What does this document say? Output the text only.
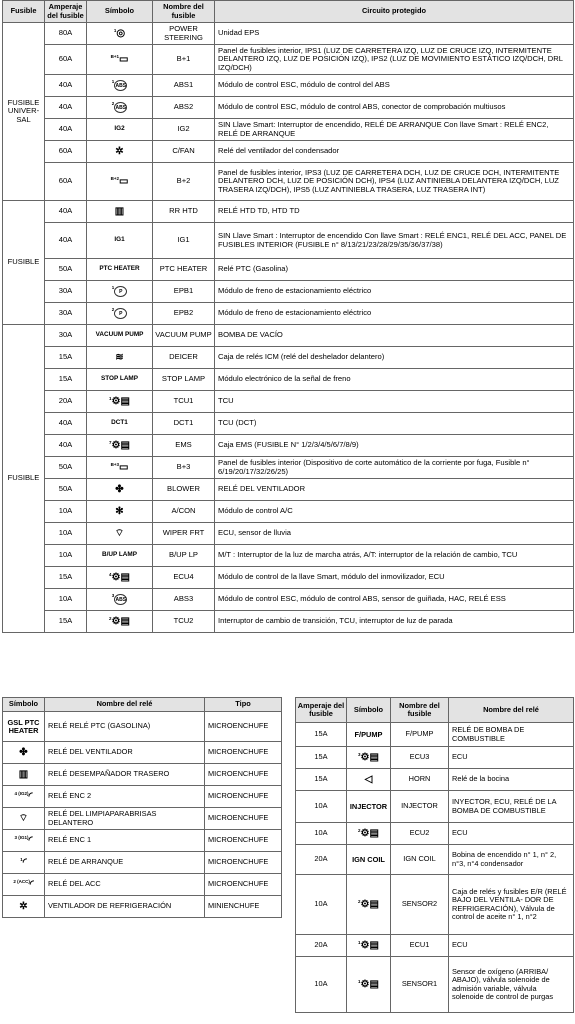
Fusible	Amperaje del fusible	Símbolo	Nombre del fusible	Circuito protegido
FUSIBLE UNIVER- SAL	80A	$^1$◎	POWER STEERING	Unidad EPS
	60A	$^{B+1}$▭	B+1	Panel de fusibles interior, IPS1 (LUZ DE CARRETERA IZQ, LUZ DE CRUCE IZQ, INTERMITENTE DELANTERO IZQ, LUZ DE POSICIÓN IZQ), IPS2 (LUZ DE MOVIMIENTO ESTÁTICO IZQ/DCH, DRL IZQ/DCH)
	40A	$^1$ABS	ABS1	Módulo de control ESC, módulo de control del ABS
	40A	$^2$ABS	ABS2	Módulo de control ESC, módulo de control ABS, conector de comprobación multiusos
	40A	IG2	IG2	SIN Llave Smart: Interruptor de encendido, RELÉ DE ARRANQUE Con llave Smart : RELÉ ENC2, RELÉ DE ARRANQUE
	60A	✲	C/FAN	Relé del ventilador del condensador
	60A	$^{B+2}$▭	B+2	Panel de fusibles interior, IPS3 (LUZ DE CARRETERA DCH, LUZ DE CRUCE DCH, INTERMITENTE DELANTERO DCH, LUZ DE POSICIÓN DCH), IPS4 (LUZ ANTINIEBLA DELANTERA IZQ/DCH, LUZ TRASERA IZQ/DCH), IPS5 (LUZ ANTINIEBLA TRASERA, LUZ TRASERA INT)
FUSIBLE	40A	▥	RR HTD	RELÉ HTD TD, HTD TD
	40A	IG1	IG1	SIN Llave Smart : Interruptor de encendido Con llave Smart : RELÉ ENC1, RELÉ DEL ACC, PANEL DE FUSIBLES INTERIOR (FUSIBLE n° 8/13/21/23/28/29/35/36/37/38)
	50A	PTC HEATER	PTC HEATER	Relé PTC (Gasolina)
	30A	$^1$P	EPB1	Módulo de freno de estacionamiento eléctrico
	30A	$^2$P	EPB2	Módulo de freno de estacionamiento eléctrico
FUSIBLE	30A	VACUUM PUMP	VACUUM PUMP	BOMBA DE VACÍO
	15A	≋	DEICER	Caja de relés ICM (relé del deshelador delantero)
	15A	STOP LAMP	STOP LAMP	Módulo electrónico de la señal de freno
	20A	$^1$⚙▤	TCU1	TCU
	40A	DCT1	DCT1	TCU (DCT)
	40A	$^7$⚙▤	EMS	Caja EMS (FUSIBLE N° 1/2/3/4/5/6/7/8/9)
	50A	$^{B+3}$▭	B+3	Panel de fusibles interior (Dispositivo de corte automático de la corriente por fuga, Fusible n° 6/19/20/17/32/26/25)
	50A	✤	BLOWER	RELÉ DEL VENTILADOR
	10A	✻	A/CON	Módulo de control A/C
	10A	⌔	WIPER FRT	ECU, sensor de lluvia
	10A	B/UP LAMP	B/UP LP	M/T : Interruptor de la luz de marcha atrás, A/T: interruptor de la relación de cambio, TCU
	15A	$^4$⚙▤	ECU4	Módulo de control de la llave Smart, módulo del inmovilizador, ECU
	10A	$^3$ABS	ABS3	Módulo de control ESC, módulo de control ABS, sensor de guiñada, HAC, RELÉ ESS
	15A	$^2$⚙▤	TCU2	Interruptor de cambio de transición, TCU, interruptor de luz de parada
Símbolo	Nombre del relé	Tipo
GSL PTC HEATER	RELÉ RELÉ PTC (GASOLINA)	MICROENCHUFE
✤	RELÉ DEL VENTILADOR	MICROENCHUFE
▥	RELÉ DESEMPAÑADOR TRASERO	MICROENCHUFE
$^{4 (IG2)}$◜	RELÉ ENC 2	MICROENCHUFE
⌔	RELÉ DEL LIMPIAPARABRISAS DELANTERO	MICROENCHUFE
$^{3 (IG1)}$◜	RELÉ ENC 1	MICROENCHUFE
$^1$◜	RELÉ DE ARRANQUE	MICROENCHUFE
$^{2 (ACC)}$◜	RELÉ DEL ACC	MICROENCHUFE
✲	VENTILADOR DE REFRIGERACIÓN	MINIENCHUFE
Amperaje del fusible	Símbolo	Nombre del fusible	Nombre del relé
15A	F/PUMP	F/PUMP	RELÉ DE BOMBA DE COMBUSTIBLE
15A	$^3$⚙▤	ECU3	ECU
15A	◁	HORN	Relé de la bocina
10A	INJECTOR	INJECTOR	INYECTOR, ECU, RELÉ DE LA BOMBA DE COMBUSTIBLE
10A	$^2$⚙▤	ECU2	ECU
20A	IGN COIL	IGN COIL	Bobina de encendido n° 1, n° 2, n°3, n°4 condensador
10A	$^2$⚙▤	SENSOR2	Caja de relés y fusibles E/R (RELÉ BAJO DEL VENTILA- DOR DE REFRIGERACIÓN), Válvula de control de aceite n° 1, n°2
20A	$^1$⚙▤	ECU1	ECU
10A	$^1$⚙▤	SENSOR1	Sensor de oxígeno (ARRIBA/ ABAJO), válvula solenoide de admisión variable, válvula solenoide de control de purgas
